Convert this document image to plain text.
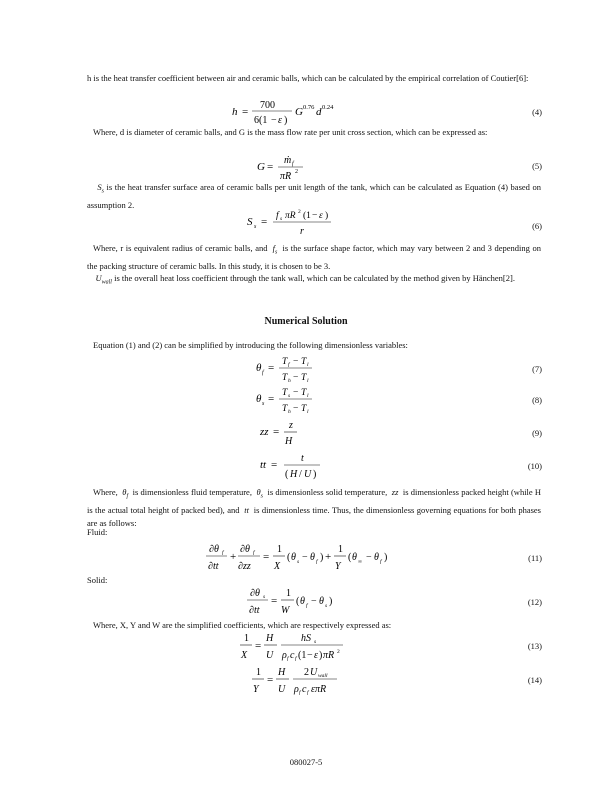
h is the heat transfer coefficient between air and ceramic balls, which can be calculated by the empirical correlation of Coutier[6]:
h =
700
6(1 − ε )
G 0.76 d 0.24	(4)
Where, d is diameter of ceramic balls, and G is the mass flow rate per unit cross section, which can be expressed as:
G =
ṁ f
πR 2
(5)
$S_s$ is the heat transfer surface area of ceramic balls per unit length of the tank, which can be calculated as Equation (4) based on assumption 2.
S s = f s πR 2 (1 − ε )
r	(6)
Where, r is equivalent radius of ceramic balls, and  $f_s$ is the surface shape factor, which may vary between 2 and 3 depending on the packing structure of ceramic balls. In this study, it is chosen to be 3.
$U_{wall}$ is the overall heat loss coefficient through the tank wall, which can be calculated by the method given by Hänchen[2].
Numerical Solution
Equation (1) and (2) can be simplified by introducing the following dimensionless variables:
θ f = T f − T l
T h − T l
(7)
θ s = T s − T l
T h − T l
(8)
zz =
z
H
(9)
tt =
t
( H / U )
(10)
Where,  $\theta_f$ is dimensionless fluid temperature,  $\theta_s$ is dimensionless solid temperature,  zz  is dimensionless packed height (while H is the actual total height of packed bed), and  tt  is dimensionless time. Thus, the dimensionless governing equations for both phases are as follows:
Fluid:
∂θ f
∂tt
+
∂θ f
∂zz
=
1
X
( θ s − θ f ) +
1
Y
( θ ∞ − θ f )	(11)
Solid:
∂θ s
∂tt
=
1
W
( θ f − θ s )	(12)
Where, X, Y and W are the simplified coefficients, which are respectively expressed as:
1
X
=
H
U
hS s
ρ f c f (1 − ε ) πR 2
(13)
1
Y
=
H
U
2 U wall
ρ f c f επR
(14)
080027-5
